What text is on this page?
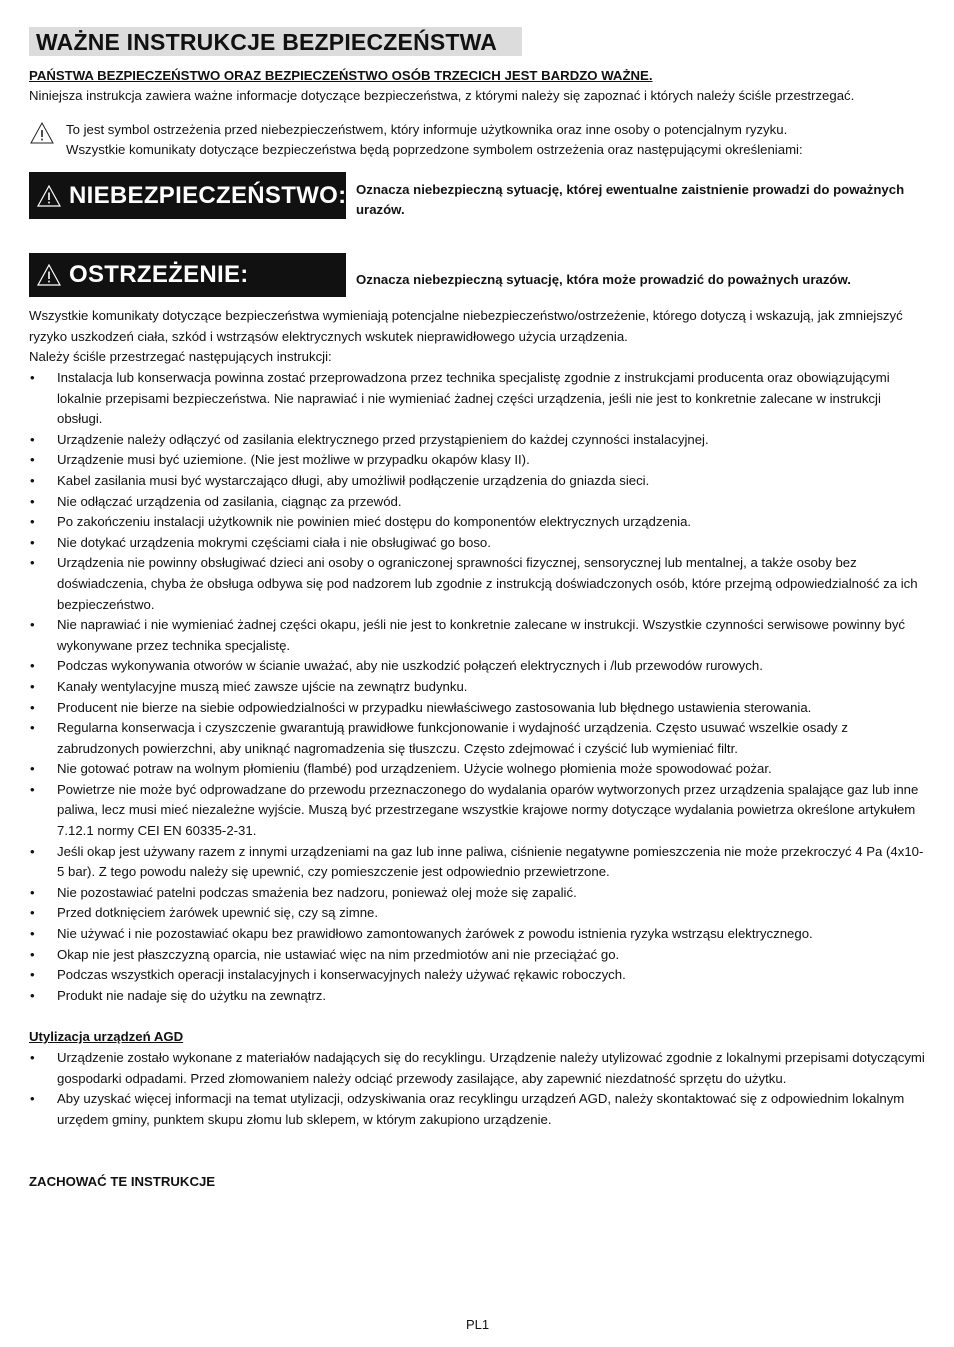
WAŻNE INSTRUKCJE BEZPIECZEŃSTWA
PAŃSTWA BEZPIECZEŃSTWO ORAZ BEZPIECZEŃSTWO OSÓB TRZECICH JEST BARDZO WAŻNE.
Niniejsza instrukcja zawiera ważne informacje dotyczące bezpieczeństwa, z którymi należy się zapoznać i których należy ściśle przestrzegać.
To jest symbol ostrzeżenia przed niebezpieczeństwem, który informuje użytkownika oraz inne osoby o potencjalnym ryzyku.
Wszystkie komunikaty dotyczące bezpieczeństwa będą poprzedzone symbolem ostrzeżenia oraz następującymi określeniami:
NIEBEZPIECZEŃSTWO: Oznacza niebezpieczną sytuację, której ewentualne zaistnienie prowadzi do poważnych
urazów.
OSTRZEŻENIE:	Oznacza niebezpieczną sytuację, która może prowadzić do poważnych urazów.
Wszystkie komunikaty dotyczące bezpieczeństwa wymieniają potencjalne niebezpieczeństwo/ostrzeżenie, którego dotyczą i wskazują, jak zmniejszyć
ryzyko uszkodzeń ciała, szkód i wstrząsów elektrycznych wskutek nieprawidłowego użycia urządzenia.
Należy ściśle przestrzegać następujących instrukcji:
• Instalacja lub konserwacja powinna zostać przeprowadzona przez technika specjalistę zgodnie z instrukcjami producenta oraz obowiązującymi lokalnie przepisami bezpieczeństwa. Nie naprawiać i nie wymieniać żadnej części urządzenia, jeśli nie jest to konkretnie zalecane w instrukcji obsługi.
• Urządzenie należy odłączyć od zasilania elektrycznego przed przystąpieniem do każdej czynności instalacyjnej.
• Urządzenie musi być uziemione. (Nie jest możliwe w przypadku okapów klasy II).
• Kabel zasilania musi być wystarczająco długi, aby umożliwił podłączenie urządzenia do gniazda sieci.
• Nie odłączać urządzenia od zasilania, ciągnąc za przewód.
• Po zakończeniu instalacji użytkownik nie powinien mieć dostępu do komponentów elektrycznych urządzenia.
• Nie dotykać urządzenia mokrymi częściami ciała i nie obsługiwać go boso.
• Urządzenia nie powinny obsługiwać dzieci ani osoby o ograniczonej sprawności fizycznej, sensorycznej lub mentalnej, a także osoby bez doświadczenia, chyba że obsługa odbywa się pod nadzorem lub zgodnie z instrukcją doświadczonych osób, które przejmą odpowiedzialność za ich bezpieczeństwo.
• Nie naprawiać i nie wymieniać żadnej części okapu, jeśli nie jest to konkretnie zalecane w instrukcji. Wszystkie czynności serwisowe powinny być wykonywane przez technika specjalistę.
• Podczas wykonywania otworów w ścianie uważać, aby nie uszkodzić połączeń elektrycznych i /lub przewodów rurowych.
• Kanały wentylacyjne muszą mieć zawsze ujście na zewnątrz budynku.
• Producent nie bierze na siebie odpowiedzialności w przypadku niewłaściwego zastosowania lub błędnego ustawienia sterowania.
• Regularna konserwacja i czyszczenie gwarantują prawidłowe funkcjonowanie i wydajność urządzenia. Często usuwać wszelkie osady z zabrudzonych powierzchni, aby uniknąć nagromadzenia się tłuszczu. Często zdejmować i czyścić lub wymieniać filtr.
• Nie gotować potraw na wolnym płomieniu (flambé) pod urządzeniem. Użycie wolnego płomienia może spowodować pożar.
• Powietrze nie może być odprowadzane do przewodu przeznaczonego do wydalania oparów wytworzonych przez urządzenia spalające gaz lub inne paliwa, lecz musi mieć niezależne wyjście. Muszą być przestrzegane wszystkie krajowe normy dotyczące wydalania powietrza określone artykułem 7.12.1 normy CEI EN 60335-2-31.
• Jeśli okap jest używany razem z innymi urządzeniami na gaz lub inne paliwa, ciśnienie negatywne pomieszczenia nie może przekroczyć 4 Pa (4x10-5 bar). Z tego powodu należy się upewnić, czy pomieszczenie jest odpowiednio przewietrzone.
• Nie pozostawiać patelni podczas smażenia bez nadzoru, ponieważ olej może się zapalić.
• Przed dotknięciem żarówek upewnić się, czy są zimne.
• Nie używać i nie pozostawiać okapu bez prawidłowo zamontowanych żarówek z powodu istnienia ryzyka wstrząsu elektrycznego.
• Okap nie jest płaszczyzną oparcia, nie ustawiać więc na nim przedmiotów ani nie przeciążać go.
• Podczas wszystkich operacji instalacyjnych i konserwacyjnych należy używać rękawic roboczych.
• Produkt nie nadaje się do użytku na zewnątrz.
Utylizacja urządzeń AGD
• Urządzenie zostało wykonane z materiałów nadających się do recyklingu. Urządzenie należy utylizować zgodnie z lokalnymi przepisami dotyczącymi gospodarki odpadami. Przed złomowaniem należy odciąć przewody zasilające, aby zapewnić niezdatność sprzętu do użytku.
• Aby uzyskać więcej informacji na temat utylizacji, odzyskiwania oraz recyklingu urządzeń AGD, należy skontaktować się z odpowiednim lokalnym urzędem gminy, punktem skupu złomu lub sklepem, w którym zakupiono urządzenie.
ZACHOWAĆ TE INSTRUKCJE
PL1
